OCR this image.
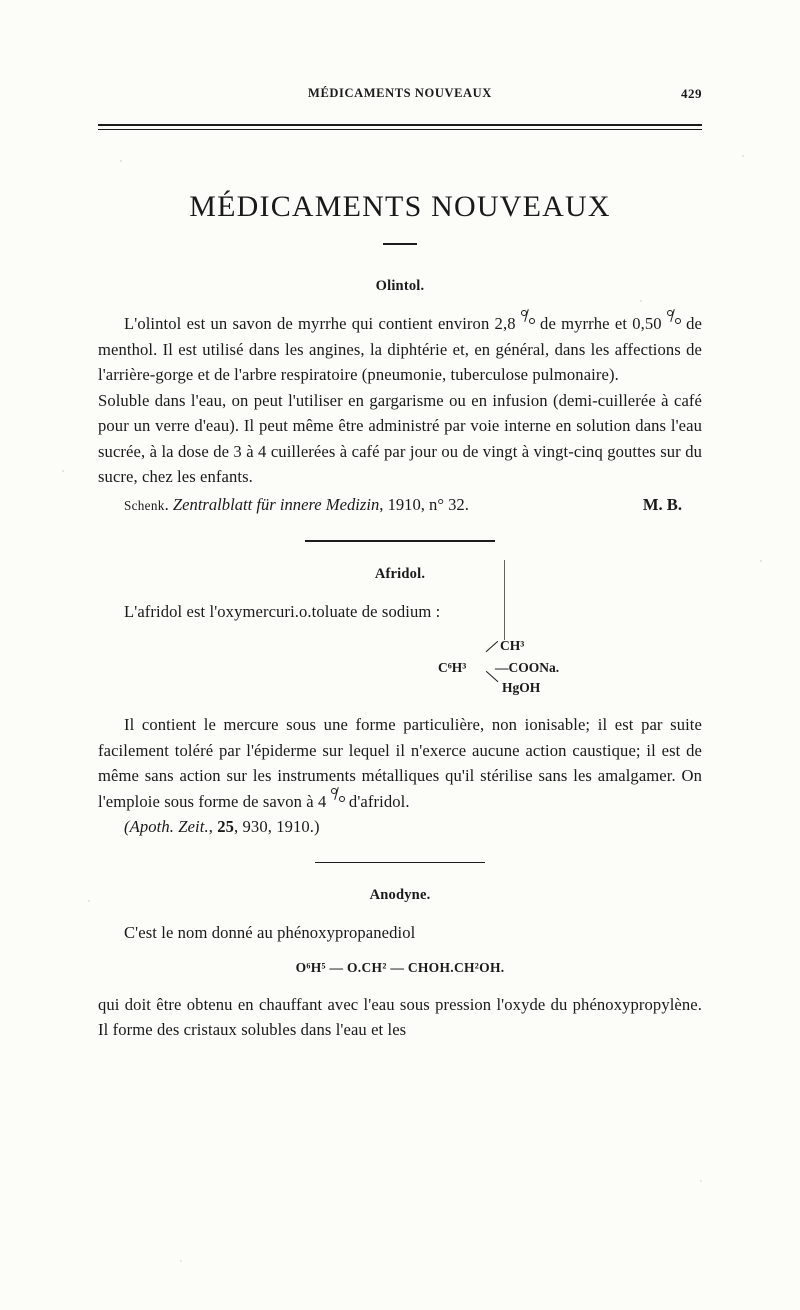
MÉDICAMENTS NOUVEAUX	429
MÉDICAMENTS NOUVEAUX
Olintol.

L'olintol est un savon de myrrhe qui contient environ 2,8
de myrrhe et 0,50
de menthol. Il est utilisé dans les angines, la diphtérie et, en général, dans les affections de l'arrière-gorge et de l'arbre respiratoire (pneumonie, tuberculose pulmonaire).

Soluble dans l'eau, on peut l'utiliser en gargarisme ou en infusion (demi-cuillerée à café pour un verre d'eau). Il peut même être administré par voie interne en solution dans l'eau sucrée, à la dose de 3 à 4 cuillerées à café par jour ou de vingt à vingt-cinq gouttes sur du sucre, chez les enfants.

Schenk. Zentralblatt für innere Medizin, 1910, n° 32.	M. B.
Afridol.

L'afridol est l'oxymercuri.o.toluate de sodium :

C⁶H³
CH³
—COONa.
HgOH

Il contient le mercure sous une forme particulière, non ionisable; il est par suite facilement toléré par l'épiderme sur lequel il n'exerce aucune action caustique; il est de même sans action sur les instruments métalliques qu'il stérilise sans les amalgamer. On l'emploie sous forme de savon à 4
d'afridol.

(Apoth. Zeit., 25, 930, 1910.)

Anodyne.

C'est le nom donné au phénoxypropanediol

O⁶H⁵ — O.CH² — CHOH.CH²OH.

qui doit être obtenu en chauffant avec l'eau sous pression l'oxyde du phénoxypropylène. Il forme des cristaux solubles dans l'eau et les
